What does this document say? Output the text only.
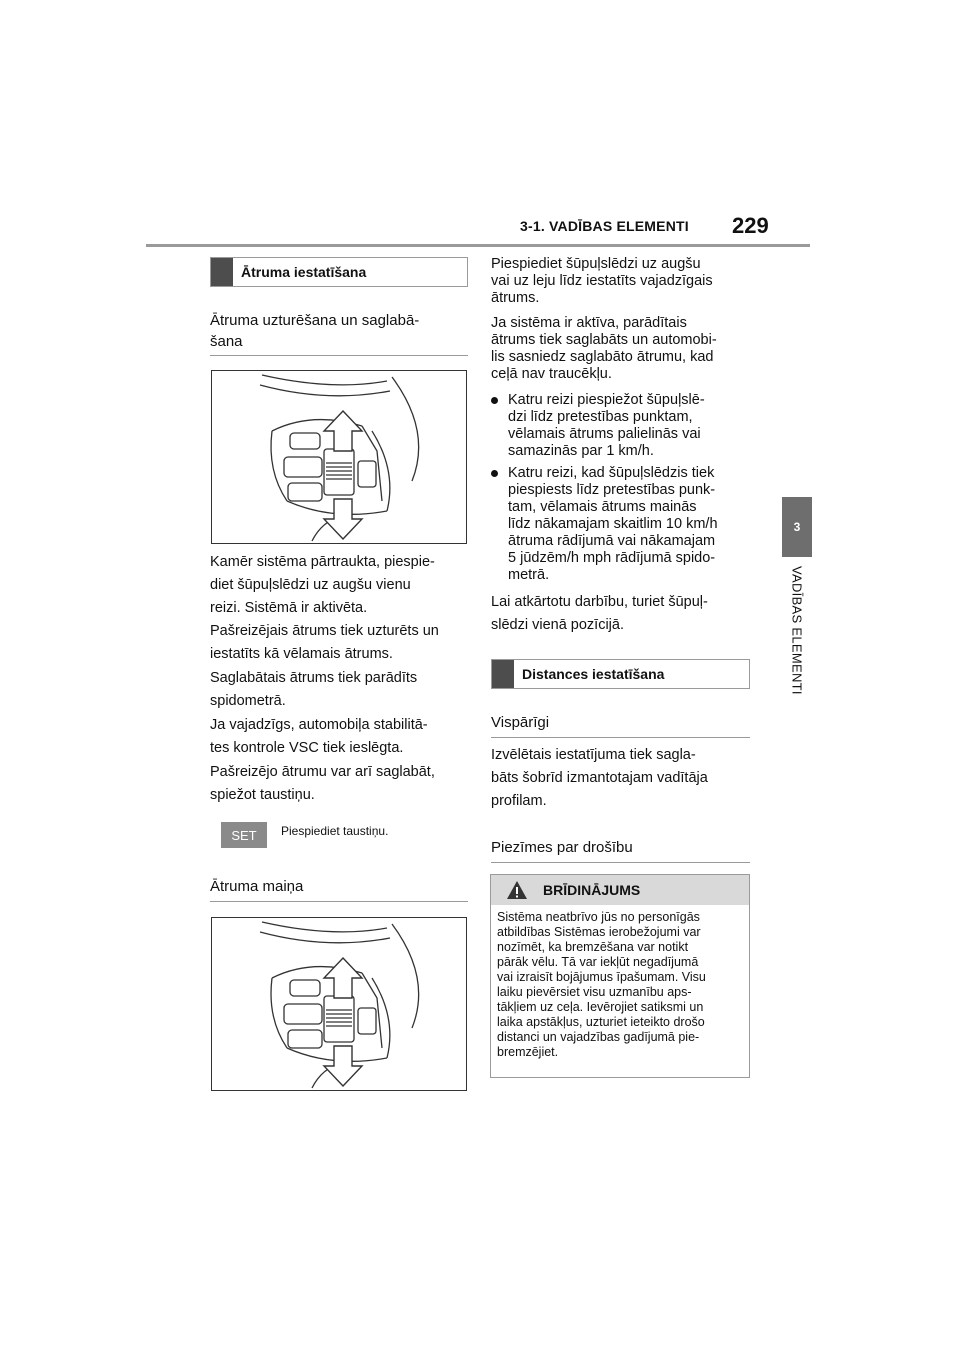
3-1. VADĪBAS ELEMENTI 229
3
VADĪBAS ELEMENTI
Ātruma iestatīšana
Ātruma uzturēšana un saglabā-
šana
Kamēr sistēma pārtraukta, piespie-
diet šūpuļslēdzi uz augšu vienu
reizi. Sistēmā ir aktivēta.
Pašreizējais ātrums tiek uzturēts un
iestatīts kā vēlamais ātrums.
Saglabātais ātrums tiek parādīts
spidometrā.
Ja vajadzīgs, automobiļa stabilitā-
tes kontrole VSC tiek ieslēgta.
Pašreizējo ātrumu var arī saglabāt,
spiežot taustiņu.
SET	Piespiediet taustiņu.
Ātruma maiņa
Piespiediet šūpuļslēdzi uz augšu
vai uz leju līdz iestatīts vajadzīgais
ātrums.
Ja sistēma ir aktīva, parādītais
ātrums tiek saglabāts un automobi-
lis sasniedz saglabāto ātrumu, kad
ceļā nav traucēkļu.
Katru reizi piespiežot šūpuļslē-
dzi līdz pretestības punktam,
vēlamais ātrums palielinās vai
samazinās par 1 km/h.
Katru reizi, kad šūpuļslēdzis tiek
piespiests līdz pretestības punk-
tam, vēlamais ātrums mainās
līdz nākamajam skaitlim 10 km/h
ātruma rādījumā vai nākamajam
5 jūdzēm/h mph rādījumā spido-
metrā.
Lai atkārtotu darbību, turiet šūpuļ-
slēdzi vienā pozīcijā.
Distances iestatīšana
Vispārīgi
Izvēlētais iestatījuma tiek sagla-
bāts šobrīd izmantotajam vadītāja
profilam.
Piezīmes par drošību
BRĪDINĀJUMS
Sistēma neatbrīvo jūs no personīgās
atbildības Sistēmas ierobežojumi var
nozīmēt, ka bremzēšana var notikt
pārāk vēlu. Tā var iekļūt negadījumā
vai izraisīt bojājumus īpašumam. Visu
laiku pievērsiet visu uzmanību aps-
tākļiem uz ceļa. Ievērojiet satiksmi un
laika apstākļus, uzturiet ieteikto drošo
distanci un vajadzības gadījumā pie-
bremzējiet.
